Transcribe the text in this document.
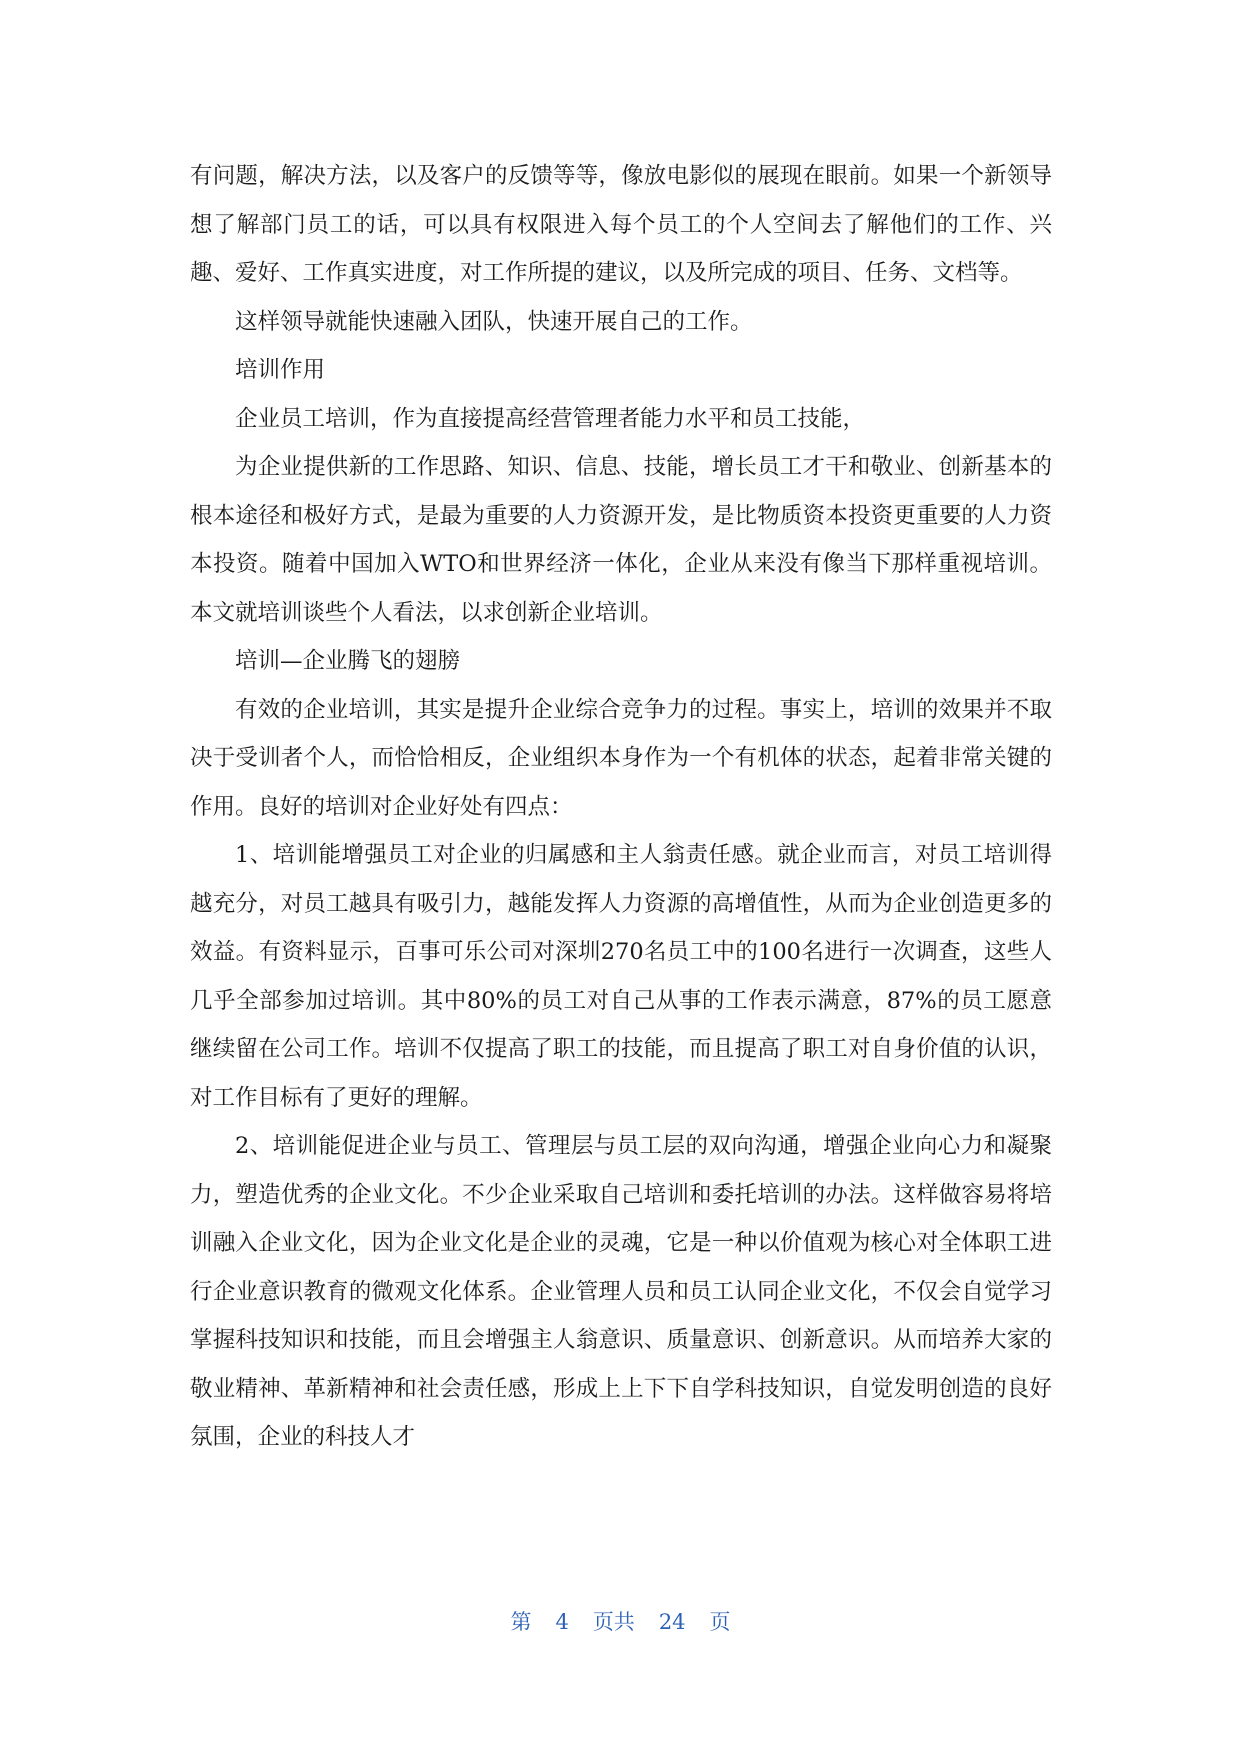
有问题，解决方法，以及客户的反馈等等，像放电影似的展现在眼前。如果一个新领导想了解部门员工的话，可以具有权限进入每个员工的个人空间去了解他们的工作、兴趣、爱好、工作真实进度，对工作所提的建议，以及所完成的项目、任务、文档等。

这样领导就能快速融入团队，快速开展自己的工作。

培训作用

企业员工培训，作为直接提高经营管理者能力水平和员工技能，

为企业提供新的工作思路、知识、信息、技能，增长员工才干和敬业、创新基本的根本途径和极好方式，是最为重要的人力资源开发，是比物质资本投资更重要的人力资本投资。随着中国加入WTO和世界经济一体化，企业从来没有像当下那样重视培训。本文就培训谈些个人看法，以求创新企业培训。

培训—企业腾飞的翅膀

有效的企业培训，其实是提升企业综合竞争力的过程。事实上，培训的效果并不取决于受训者个人，而恰恰相反，企业组织本身作为一个有机体的状态，起着非常关键的作用。良好的培训对企业好处有四点：

1、培训能增强员工对企业的归属感和主人翁责任感。就企业而言，对员工培训得越充分，对员工越具有吸引力，越能发挥人力资源的高增值性，从而为企业创造更多的效益。有资料显示，百事可乐公司对深圳270名员工中的100名进行一次调查，这些人几乎全部参加过培训。其中80%的员工对自己从事的工作表示满意，87%的员工愿意继续留在公司工作。培训不仅提高了职工的技能，而且提高了职工对自身价值的认识，对工作目标有了更好的理解。

2、培训能促进企业与员工、管理层与员工层的双向沟通，增强企业向心力和凝聚力，塑造优秀的企业文化。不少企业采取自己培训和委托培训的办法。这样做容易将培训融入企业文化，因为企业文化是企业的灵魂，它是一种以价值观为核心对全体职工进行企业意识教育的微观文化体系。企业管理人员和员工认同企业文化，不仅会自觉学习掌握科技知识和技能，而且会增强主人翁意识、质量意识、创新意识。从而培养大家的敬业精神、革新精神和社会责任感，形成上上下下自学科技知识，自觉发明创造的良好氛围，企业的科技人才

第 4 页共 24 页
